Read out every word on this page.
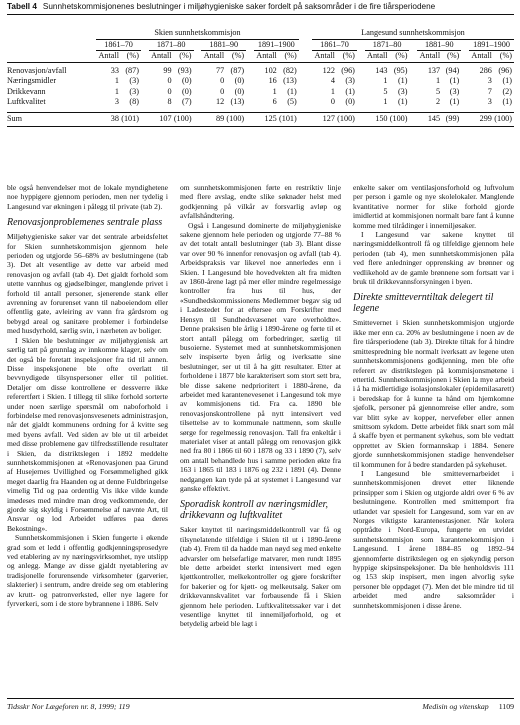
Tabell 4 Sunnhetskommisjonenes beslutninger i miljøhygieniske saker fordelt på saksområder i de fire tiårsperiodene
	Skien sunnhetskommisjon												Langesund sunnhetskommisjon										
	1861–70			1871–80			1881–90			1891–1900			1861–70			1871–80			1881–90			1891–1900	
	Antall	(%)		Antall	(%)		Antall	(%)		Antall	(%)		Antall	(%)		Antall	(%)		Antall	(%)		Antall	(%)

Renovasjon/avfall	33	(87)		99	(93)		77	(87)		102	(82)		122	(96)		143	(95)		137	(94)		286	(96)
Næringsmidler	1	(3)		0	(0)		0	(0)		16	(13)		4	(3)		1	(1)		1	(1)		3	(1)
Drikkevann	1	(3)		0	(0)		0	(0)		1	(1)		1	(1)		5	(3)		5	(3)		7	(2)
Luftkvalitet	3	(8)		8	(7)		12	(13)		6	(5)		0	(0)		1	(1)		2	(1)		3	(1)

Sum	38	(101)		107	(100)		89	(100)		125	(101)		127	(100)		150	(100)		145	(99)		299	(100)

ble også henvendelser mot de lokale myndighetene noe hyppigere gjennom perioden, men ner tydelig i Langesund var økningen i pålegg til private (tab 2).

Renovasjonproblemenes sentrale plass

Miljøhygieniske saker var det sentrale arbeidsfeltet for Skien sunnhetskommisjon gjennom hele perioden og utgjorde 56–68% av beslutningene (tab 3). Det alt vesentlige av dette var arbeid med renovasjon og avfall (tab 4). Det gjaldt forhold som utette vannhus og gjødselbinger, manglende privet i forhold til antall personer, sjenerende stank eller avrenning av forurenset vann til naboeiendom eller offentlig gate, avleiring av vann fra gårdsrom og bebygd areal og sanitære problemer i forbindelse med husdyrhold, særlig svin, i nærheten av boliger.

I Skien ble beslutninger av miljøhygienisk art særlig tatt på grunnlag av innkomne klager, selv om det også ble foretatt inspeksjoner fra tid til annen. Disse inspeksjonene ble ofte overlatt til bevvnydigede tilsynspersoner eller til politiet. Detaljer om disse kontrollene er dessverre ikke referertført i Skien. I tillegg til slike forhold sorterte under noen særlige spørsmål om naboforhold i forbindelse med renovasjonsvesenets administrasjon, når det gjaldt kommunens ordning for å kvitte seg med byens avfall. Ved siden av ble ut til arbeidet med disse problemene gav tilfredsstillende resultater i Skien, da distriktslegen i 1892 meddelte sunnhetskommisjonen at «Renovasjonen paa Grund af Husejernes Uvillighed og Forsømmelighed gikk meget daarlig fra Haanden og at denne Fuldbringelse vimelig Tid og paa ordentlig Vis ikke vilde kunde imødeses med mindre man drog vedkommende, der gjorde sig skyldig i Forsømmelse af nævnte Art, til Ansvar og lod Arbeidet udføres paa deres Bekostning».

Sunnhetskommisjonen i Skien fungerte i økende grad som et ledd i offentlig godkjenningsprosedyre ved etablering av ny næringsvirksomhet, nye utslipp og anlegg. Mange av disse gjaldt nyetablering av tradisjonelle forurensende virksomheter (garverier, slakterier) i sentrum, andre dreide seg om etablering av krutt- og patronverksted, eller nye lagere for fyrverkeri, som i de store bybrannene i 1886. Selv

om sunnhetskommisjonen førte en restriktiv linje med flere avslag, endte slike søknader helst med godkjenning på vilkår av forsvarlig avløp og avfallshåndtering.

Også i Langesund dominerte de miljøhygieniske sakene gjennom hele perioden og utgjorde 77–88 % av det totalt antall beslutninger (tab 3). Blant disse var over 90 % innenfor renovasjon og avfall (tab 4). Arbeidspraksis var likevel noe annerledes enn i Skien. I Langesund ble hovedvekten alt fra midten av 1860-årene lagt på mer eller mindre regelmessige kontroller fra hus til hus, der «Sundhedskommissionens Medlemmer begav sig ud i Ladestedet for at eftersee om Forskrifter med Hensyn til Sundhedsvæsenet vare overholdte». Denne praksisen ble årlig i 1890-årene og førte til et stort antall pålegg om forbedringer, særlig til busoierne. Systemet med at sunnhetskommisjonen selv inspiserte byen årlig og iverksatte sine beslutninger, ser ut til å ha gitt resultater. Etter at forholdene i 1877 ble karakterisert som stort sett bra, ble disse sakene nedprioritert i 1880-årene, da arbeidet med karantenevesenet i Langesund tok mye av kommisjonens tid. Fra ca. 1890 ble renovasjonskontrollene på nytt intensivert ved tilsettelse av to kommunale nattmenn, som skulle sørge for regelmessig renovasjon. Tall fra enkeltår i materialet viser at antall pålegg om renovasjon gikk ned fra 80 i 1866 til 60 i 1878 og 33 i 1890 (7), selv om antall behandlede hus i samme perioden økte fra 163 i 1865 til 183 i 1876 og 232 i 1891 (4). Denne nedgangen kan tyde på at systemet i Langesund var ganske effektivt.

Sporadisk kontroll av næringsmidler, drikkevann og luftkvalitet

Saker knyttet til næringsmiddelkontroll var få og tilsynelatende tilfeldige i Skien til ut i 1890-årene (tab 4). Frem til da hadde man nøyd seg med enkelte advarsler om helsefarlige matvarer, men rundt 1895 ble dette arbeidet sterkt intensivert med egen kjøttkontroller, melkekontroller og gjøre forskrifter for bakerier og for kjøtt- og melkeutsalg. Saker om drikkevannskvalitet var forbausende få i Skien gjennom hele perioden. Luftkvalitetssaker var i det vesentlige knyttet til innemiljøforhold, og et betydelig arbeid ble lagt i

enkelte saker om ventilasjonsforhold og luftvolum per person i gamle og nye skolelokaler. Manglende kvantitative normer for slike forhold gjorde imidlertid at kommisjonen normalt bare fant å kunne komme med tilrådinger i innemiljøsaker.

I Langesund var sakene knyttet til næringsmiddelkontroll få og tilfeldige gjennom hele perioden (tab 4), men sunnhetskommisjonen påla ved flere anledninger opprensking av brønner og vedlikehold av de gamle brønnene som fortsatt var i bruk til drikkevannsforsyningen i byen.

Direkte smitteverntiltak delegert til legene

Smittevernet i Skien sunnhetskommisjon utgjorde ikke mer enn ca. 20% av beslutningene i noen av de fire tiårsperiodene (tab 3). Direkte tiltak for å hindre smittespredning ble normalt iverksatt av legene uten sunnhetskommisjonens godkjenning, men ble ofte referert av distriktslegen på kommisjonsmøtene i ettertid. Sunnhetskommisjonen i Skien la mye arbeid i å ha midlertidige isolasjonslokaler (epidemilasarett) i beredskap for å kunne ta hånd om hjemkomne sjøfolk, personer på gjennomreise eller andre, som var blitt syke av kopper, nervefeber eller annen smittsom sykdom. Dette arbeidet fikk snart som mål å skaffe byen et permanent sykehus, som ble vedtatt opprettet av Skien formannskap i 1884. Senere gjorde sunnhetskommisjonen stadige henvendelser til kommunen for å bedre standarden på sykehuset.

I Langesund ble smittevernarbeidet i sunnhetskommisjonen drevet etter liknende prinsipper som i Skien og utgjorde aldri over 6 % av beslutningene. Kontrollen med smittemport fra utlandet var spesielt for Langesund, som var en av Norges viktigste karantenestasjoner. Når kolera opptrådte i Nord-Europa, fungerte en utvidet sunnhetskommisjon som karantenekommisjon i Langesund. I årene 1884–85 og 1892–94 gjennomførte distriktslegen og en sjøkyndig person hyppige skipsinspeksjoner. Da ble henholdsvis 111 og 153 skip inspisert, men ingen alvorlig syke personer ble oppdaget (7). Men det ble mindre tid til arbeidet med andre saksområder i sunnhetskommisjonen i disse årene.

Tidsskr Nor Lægeforen nr. 8, 1999; 119	Medisin og vitenskap 1109
